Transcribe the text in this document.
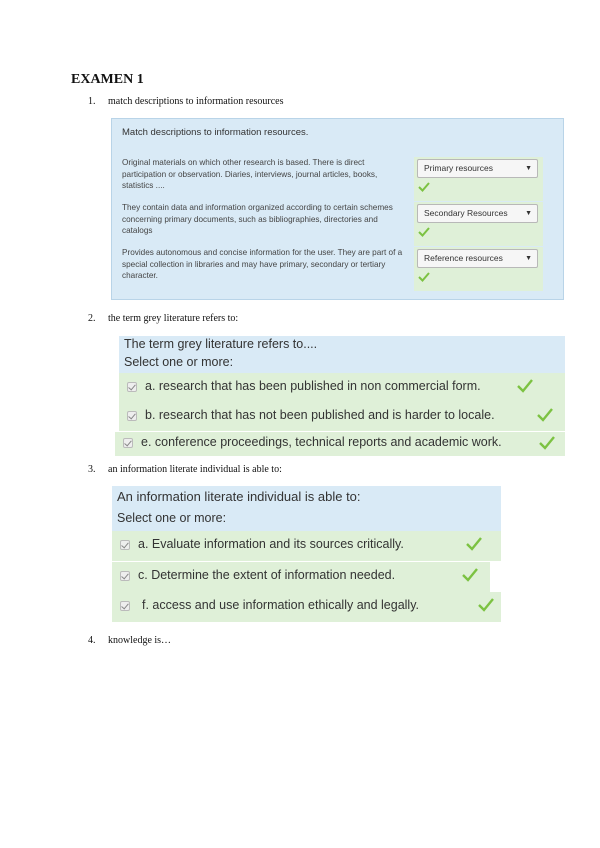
EXAMEN 1
1. match descriptions to information resources
Match descriptions to information resources.
Original materials on which other research is based. There is direct participation or observation. Diaries, interviews, journal articles, books, statistics ....
Primary resources	▼
They contain data and information organized according to certain schemes concerning primary documents, such as bibliographies, directories and catalogs
Secondary Resources ▼
Provides autonomous and concise information for the user. They are part of a special collection in libraries and may have primary, secondary or tertiary character.
Reference resources	▼
2. the term grey literature refers to:
The term grey literature refers to....
Select one or more:
a. research that has been published in non commercial form.
b. research that has not been published and is harder to locale.
e. conference proceedings, technical reports and academic work.
3. an information literate individual is able to:
An information literate individual is able to:
Select one or more:
a. Evaluate information and its sources critically.
c. Determine the extent of information needed.
f. access and use information ethically and legally.
4. knowledge is…
